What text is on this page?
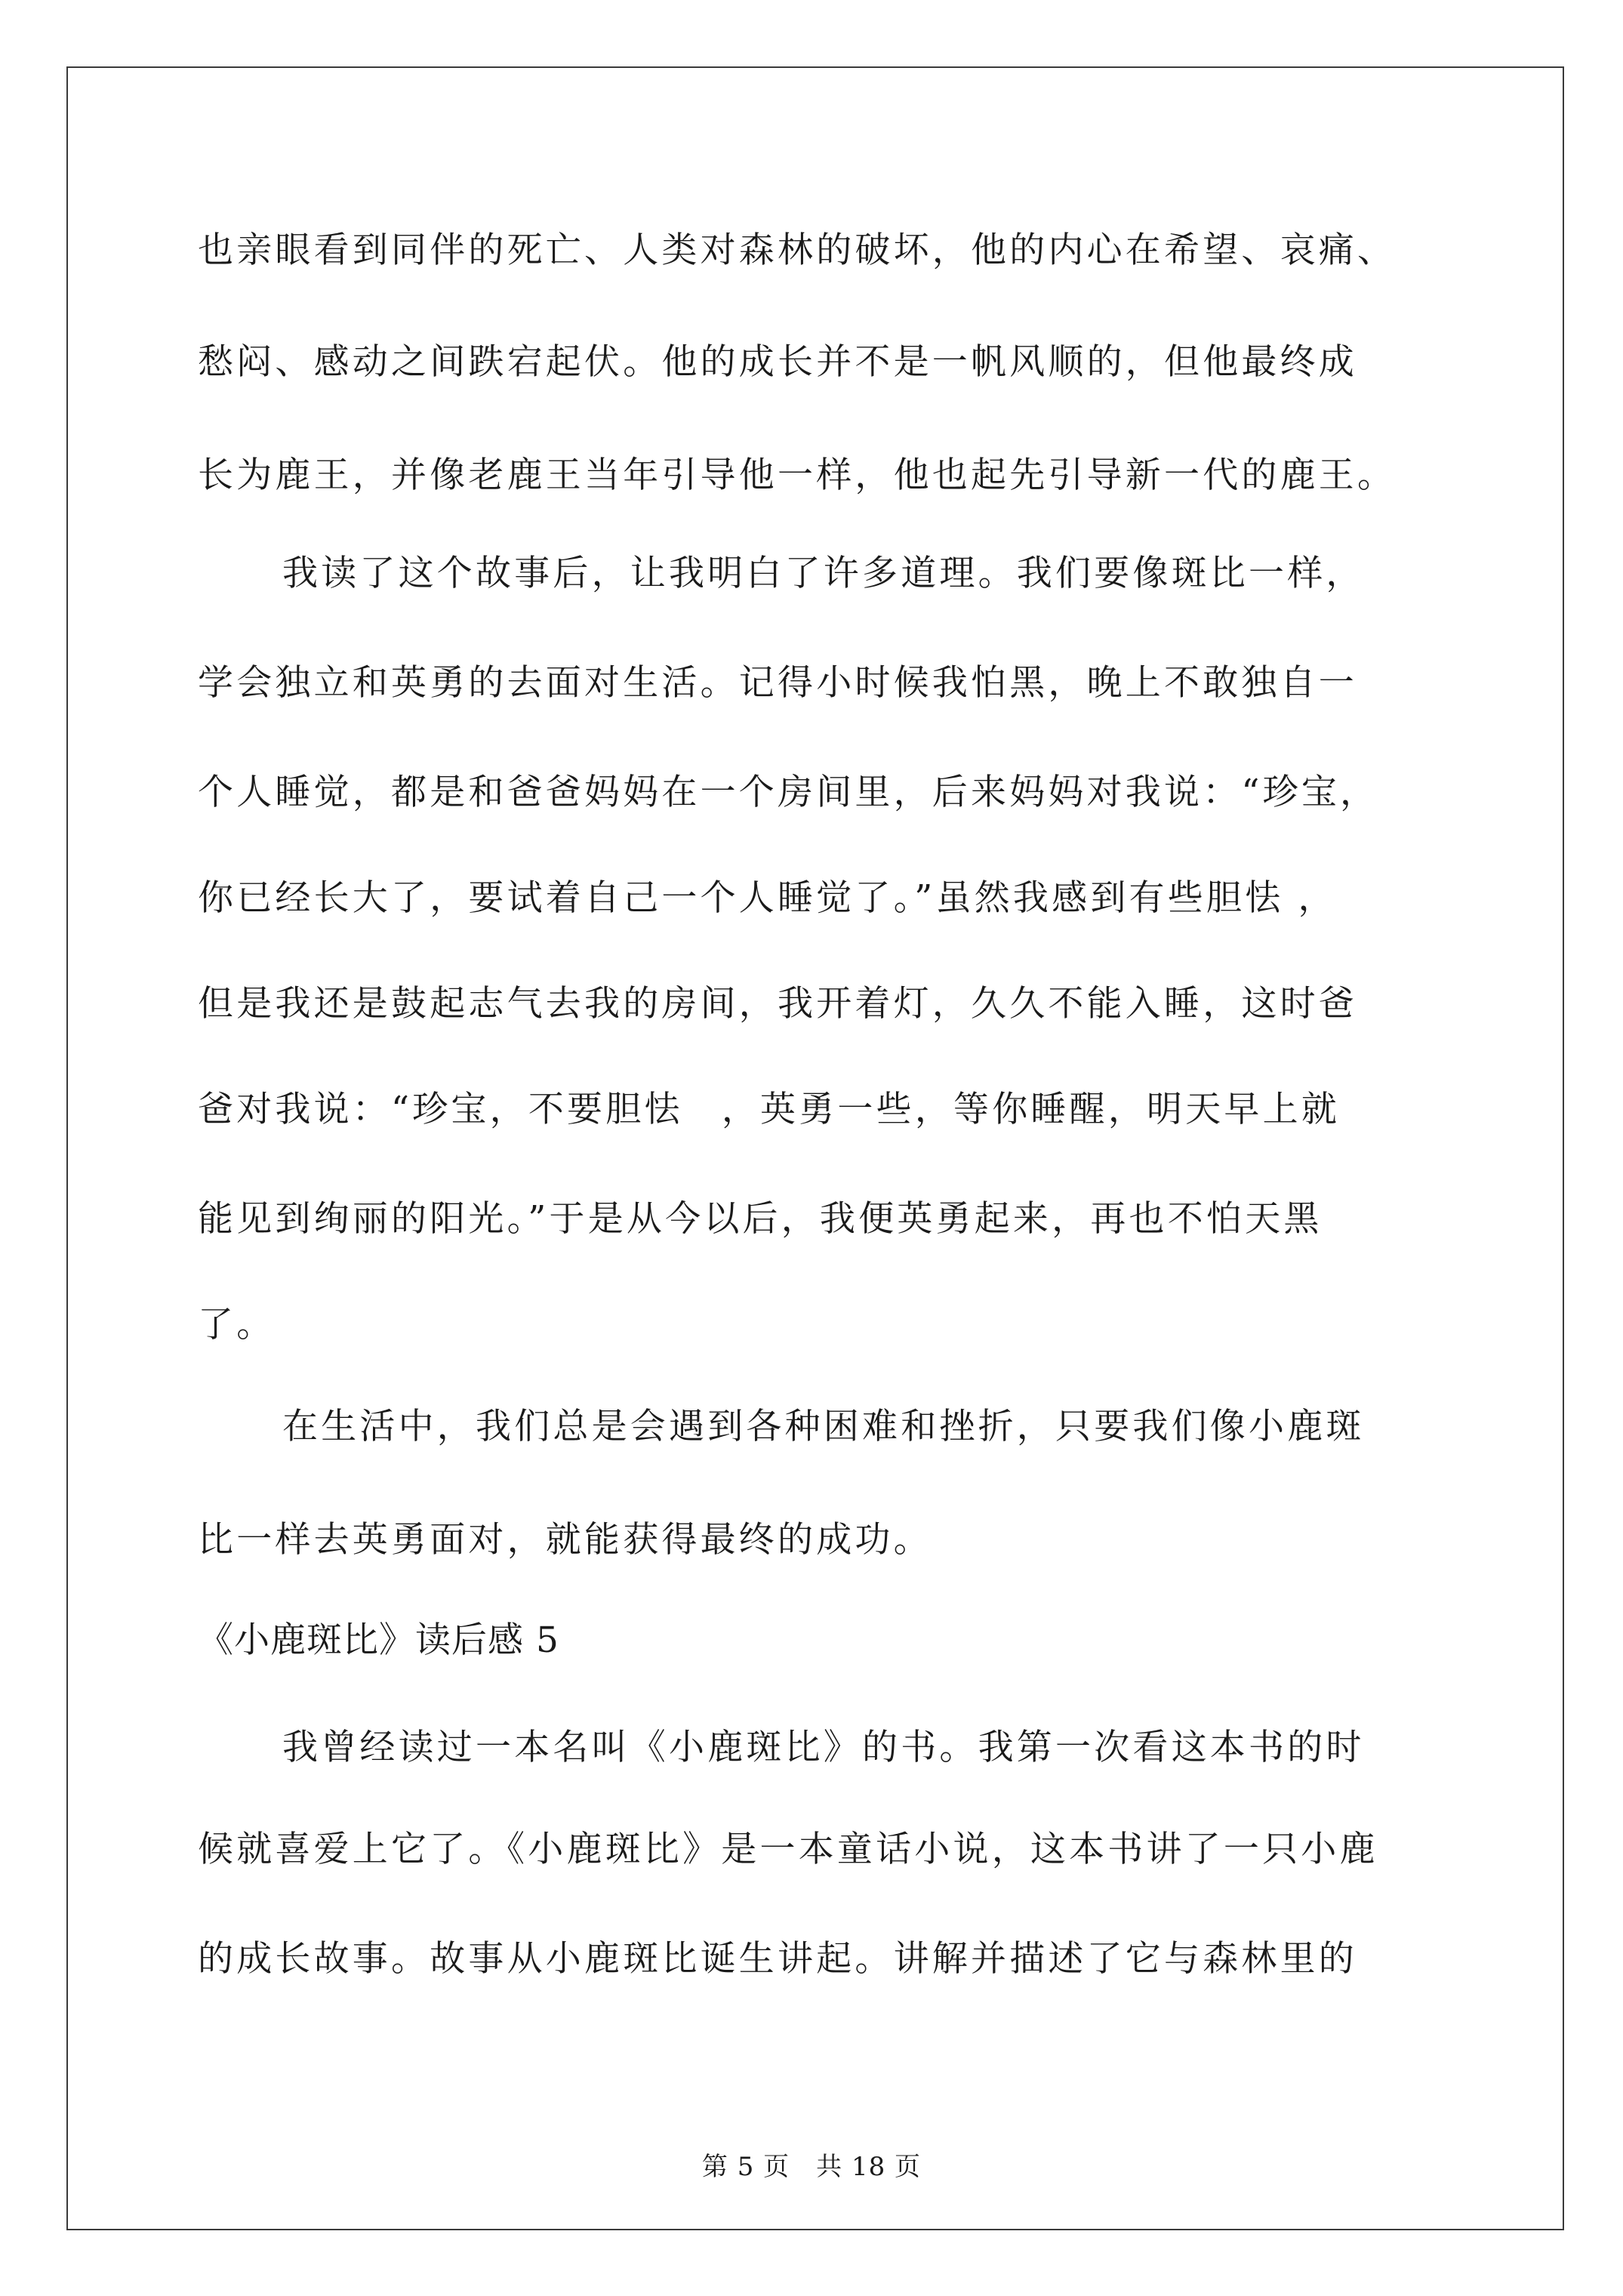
也亲眼看到同伴的死亡、人类对森林的破坏，他的内心在希望、哀痛、
愁闷、感动之间跌宕起伏。他的成长并不是一帆风顺的，但他最终成
长为鹿王，并像老鹿王当年引导他一样，他也起先引导新一代的鹿王。
我读了这个故事后，让我明白了许多道理。我们要像斑比一样，
学会独立和英勇的去面对生活。记得小时候我怕黑，晚上不敢独自一
个人睡觉，都是和爸爸妈妈在一个房间里，后来妈妈对我说：“珍宝，
你已经长大了，要试着自己一个人睡觉了。”虽然我感到有些胆怯 ，
但是我还是鼓起志气去我的房间，我开着灯，久久不能入睡，这时爸
爸对我说：“珍宝，不要胆怯　，英勇一些，等你睡醒，明天早上就
能见到绚丽的阳光。”于是从今以后，我便英勇起来，再也不怕天黑
了。
在生活中，我们总是会遇到各种困难和挫折，只要我们像小鹿斑
比一样去英勇面对，就能获得最终的成功。
《小鹿斑比》读后感 5
我曾经读过一本名叫《小鹿斑比》的书。我第一次看这本书的时
候就喜爱上它了。《小鹿斑比》是一本童话小说，这本书讲了一只小鹿
的成长故事。故事从小鹿斑比诞生讲起。讲解并描述了它与森林里的
第 5 页　共 18 页
